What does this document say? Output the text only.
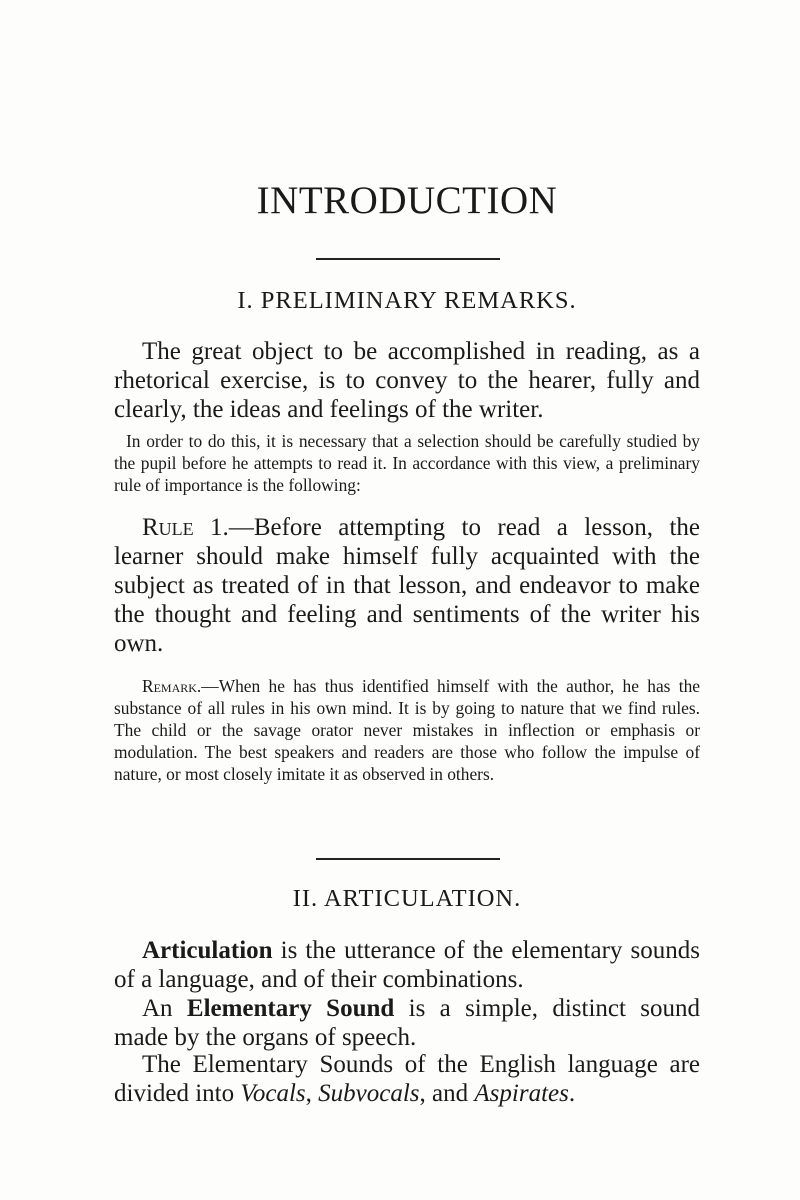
INTRODUCTION
I. PRELIMINARY REMARKS.

The great object to be accomplished in reading, as a rhetorical exercise, is to convey to the hearer, fully and clearly, the ideas and feelings of the writer.

In order to do this, it is necessary that a selection should be carefully studied by the pupil before he attempts to read it. In accordance with this view, a preliminary rule of importance is the following:

Rule 1.—Before attempting to read a lesson, the learner should make himself fully acquainted with the subject as treated of in that lesson, and endeavor to make the thought and feeling and sentiments of the writer his own.

Remark.—When he has thus identified himself with the author, he has the substance of all rules in his own mind. It is by going to nature that we find rules. The child or the savage orator never mistakes in inflection or emphasis or modulation. The best speakers and readers are those who follow the impulse of nature, or most closely imitate it as observed in others.

II. ARTICULATION.

Articulation is the utterance of the elementary sounds of a language, and of their combinations.

An Elementary Sound is a simple, distinct sound made by the organs of speech.

The Elementary Sounds of the English language are divided into Vocals, Subvocals, and Aspirates.
